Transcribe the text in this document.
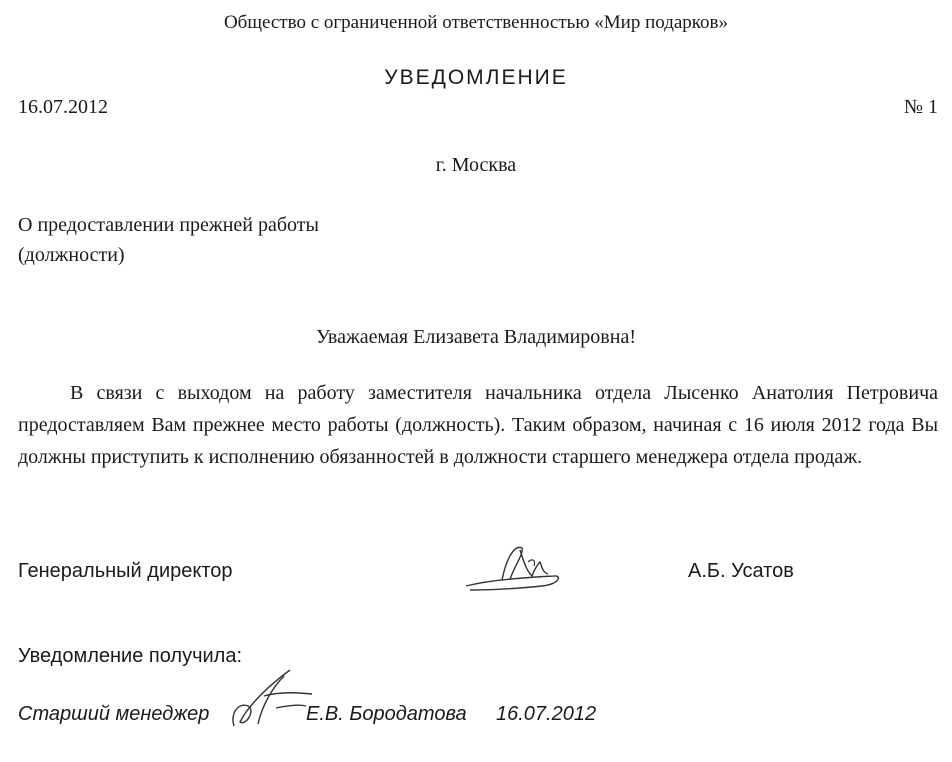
Общество с ограниченной ответственностью «Мир подарков»
УВЕДОМЛЕНИЕ
16.07.2012	№ 1
г. Москва
О предоставлении прежней работы (должности)
Уважаемая Елизавета Владимировна!
В связи с выходом на работу заместителя начальника отдела Лысенко Анатолия Петровича предоставляем Вам прежнее место работы (должность). Таким образом, начиная с 16 июля 2012 года Вы должны приступить к исполнению обязанностей в должности старшего менеджера отдела продаж.
Генеральный директор	А.Б. Усатов
Уведомление получила:
Старший менеджер	Е.В. Бородатова 16.07.2012
